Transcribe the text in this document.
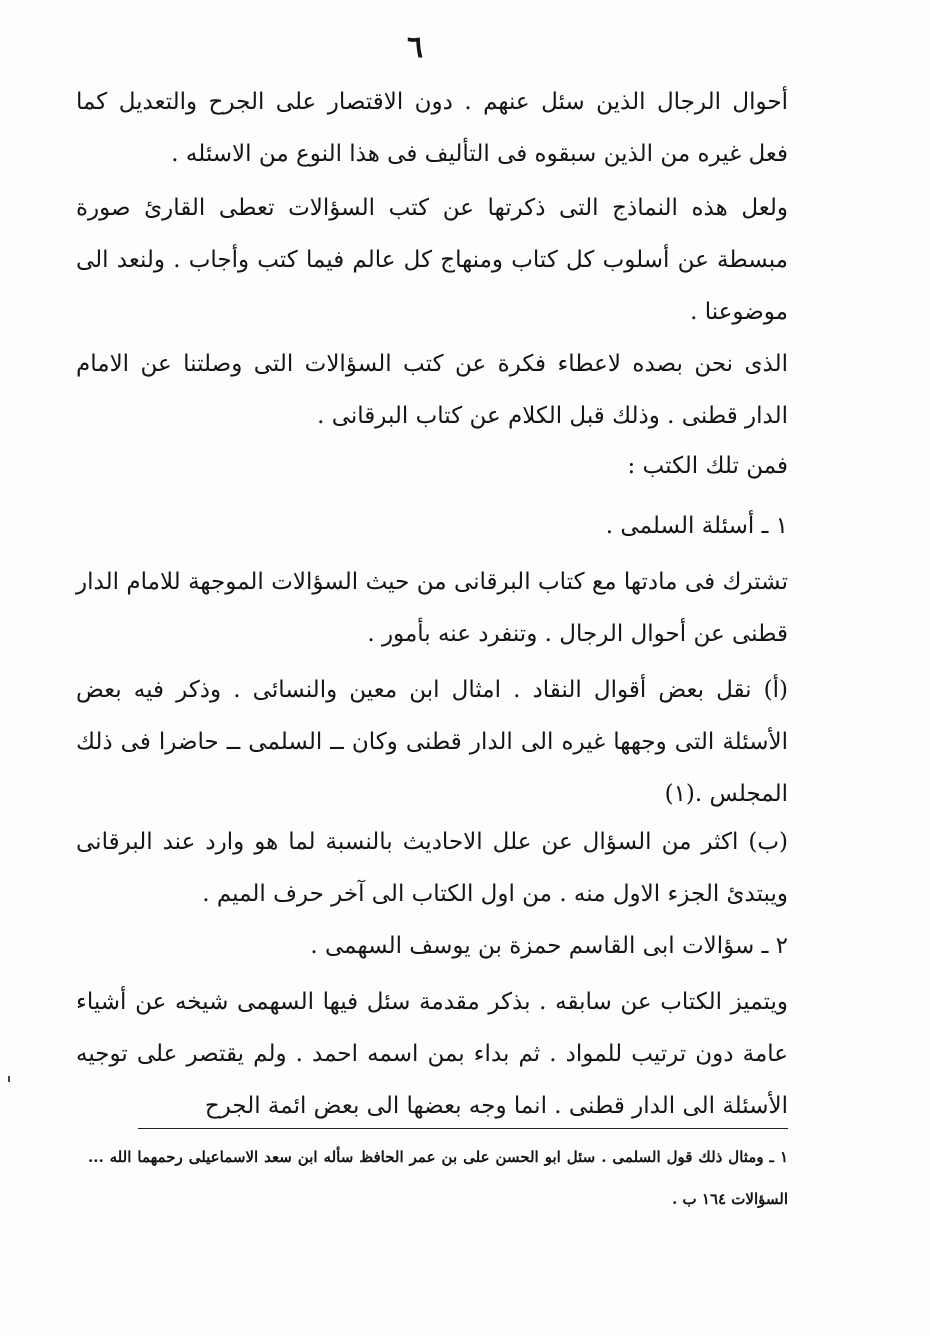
٦

أحوال الرجال الذين سئل عنهم . دون الاقتصار على الجرح والتعديل كما فعل غيره من الذين سبقوه فى التأليف فى هذا النوع من الاسئله .

ولعل هذه النماذج التى ذكرتها عن كتب السؤالات تعطى القارئ صورة مبسطة عن أسلوب كل كتاب ومنهاج كل عالم فيما كتب وأجاب . ولنعد الى موضوعنا .

الذى نحن بصده لاعطاء فكرة عن كتب السؤالات التى وصلتنا عن الامام الدار قطنى . وذلك قبل الكلام عن كتاب البرقانى .

فمن تلك الكتب :

١ ـ أسئلة السلمى .

تشترك فى مادتها مع كتاب البرقانى من حيث السؤالات الموجهة للامام الدار قطنى عن أحوال الرجال . وتنفرد عنه بأمور .

(أ) نقل بعض أقوال النقاد . امثال ابن معين والنسائى . وذكر فيه بعض الأسئلة التى وجهها غيره الى الدار قطنى وكان ــ السلمى ــ حاضرا فى ذلك المجلس .(١)

(ب) اكثر من السؤال عن علل الاحاديث بالنسبة لما هو وارد عند البرقانى ويبتدئ الجزء الاول منه . من اول الكتاب الى آخر حرف الميم .

٢ ـ سؤالات ابى القاسم حمزة بن يوسف السهمى .

ويتميز الكتاب عن سابقه . بذكر مقدمة سئل فيها السهمى شيخه عن أشياء عامة دون ترتيب للمواد . ثم بداء بمن اسمه احمد . ولم يقتصر على توجيه الأسئلة الى الدار قطنى . انما وجه بعضها الى بعض ائمة الجرح

١ ـ ومثال ذلك قول السلمى . سئل ابو الحسن على بن عمر الحافظ سأله ابن سعد الاسماعيلى رحمهما الله ... السؤالات ١٦٤ ب .
